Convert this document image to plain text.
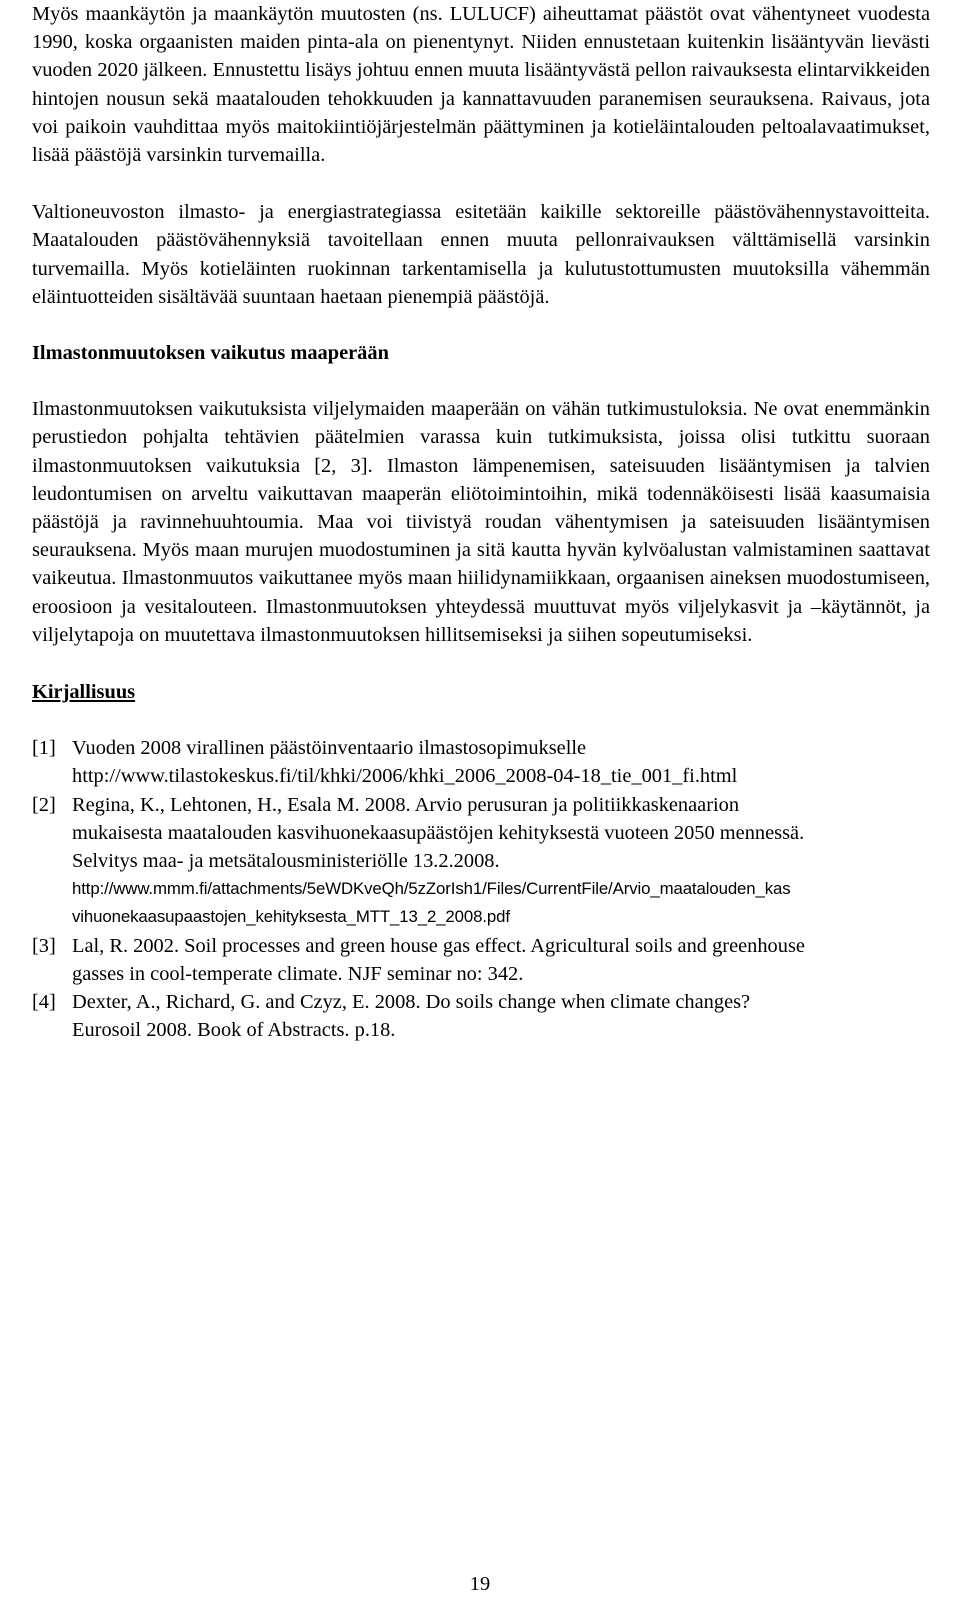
Myös maankäytön ja maankäytön muutosten (ns. LULUCF) aiheuttamat päästöt ovat vähentyneet vuodesta 1990, koska orgaanisten maiden pinta-ala on pienentynyt. Niiden ennustetaan kuitenkin lisääntyvän lievästi vuoden 2020 jälkeen. Ennustettu lisäys johtuu ennen muuta lisääntyvästä pellon raivauksesta elintarvikkeiden hintojen nousun sekä maatalouden tehokkuuden ja kannattavuuden paranemisen seurauksena. Raivaus, jota voi paikoin vauhdittaa myös maitokiintiöjärjestelmän päättyminen ja kotieläintalouden peltoalavaatimukset, lisää päästöjä varsinkin turvemailla.

Valtioneuvoston ilmasto- ja energiastrategiassa esitetään kaikille sektoreille päästövähennystavoitteita. Maatalouden päästövähennyksiä tavoitellaan ennen muuta pellonraivauksen välttämisellä varsinkin turvemailla. Myös kotieläinten ruokinnan tarkentamisella ja kulutustottumusten muutoksilla vähemmän eläintuotteiden sisältävää suuntaan haetaan pienempiä päästöjä.

Ilmastonmuutoksen vaikutus maaperään

Ilmastonmuutoksen vaikutuksista viljelymaiden maaperään on vähän tutkimustuloksia. Ne ovat enemmänkin perustiedon pohjalta tehtävien päätelmien varassa kuin tutkimuksista, joissa olisi tutkittu suoraan ilmastonmuutoksen vaikutuksia [2, 3]. Ilmaston lämpenemisen, sateisuuden lisääntymisen ja talvien leudontumisen on arveltu vaikuttavan maaperän eliötoimintoihin, mikä todennäköisesti lisää kaasumaisia päästöjä ja ravinnehuuhtoumia. Maa voi tiivistyä roudan vähentymisen ja sateisuuden lisääntymisen seurauksena. Myös maan murujen muodostuminen ja sitä kautta hyvän kylvöalustan valmistaminen saattavat vaikeutua. Ilmastonmuutos vaikuttanee myös maan hiilidynamiikkaan, orgaanisen aineksen muodostumiseen, eroosioon ja vesitalouteen. Ilmastonmuutoksen yhteydessä muuttuvat myös viljelykasvit ja –käytännöt, ja viljelytapoja on muutettava ilmastonmuutoksen hillitsemiseksi ja siihen sopeutumiseksi.

Kirjallisuus
[1] Vuoden 2008 virallinen päästöinventaario ilmastosopimukselle
http://www.tilastokeskus.fi/til/khki/2006/khki_2006_2008-04-18_tie_001_fi.html
[2] Regina, K., Lehtonen, H., Esala M. 2008. Arvio perusuran ja politiikkaskenaarion
mukaisesta maatalouden kasvihuonekaasupäästöjen kehityksestä vuoteen 2050 mennessä.
Selvitys maa- ja metsätalousministeriölle 13.2.2008.
http://www.mmm.fi/attachments/5eWDKveQh/5zZorIsh1/Files/CurrentFile/Arvio_maatalouden_kas
vihuonekaasupaastojen_kehityksesta_MTT_13_2_2008.pdf
[3] Lal, R. 2002. Soil processes and green house gas effect. Agricultural soils and greenhouse
gasses in cool-temperate climate. NJF seminar no: 342.
[4] Dexter, A., Richard, G. and Czyz, E. 2008. Do soils change when climate changes?
Eurosoil 2008. Book of Abstracts. p.18.
19
